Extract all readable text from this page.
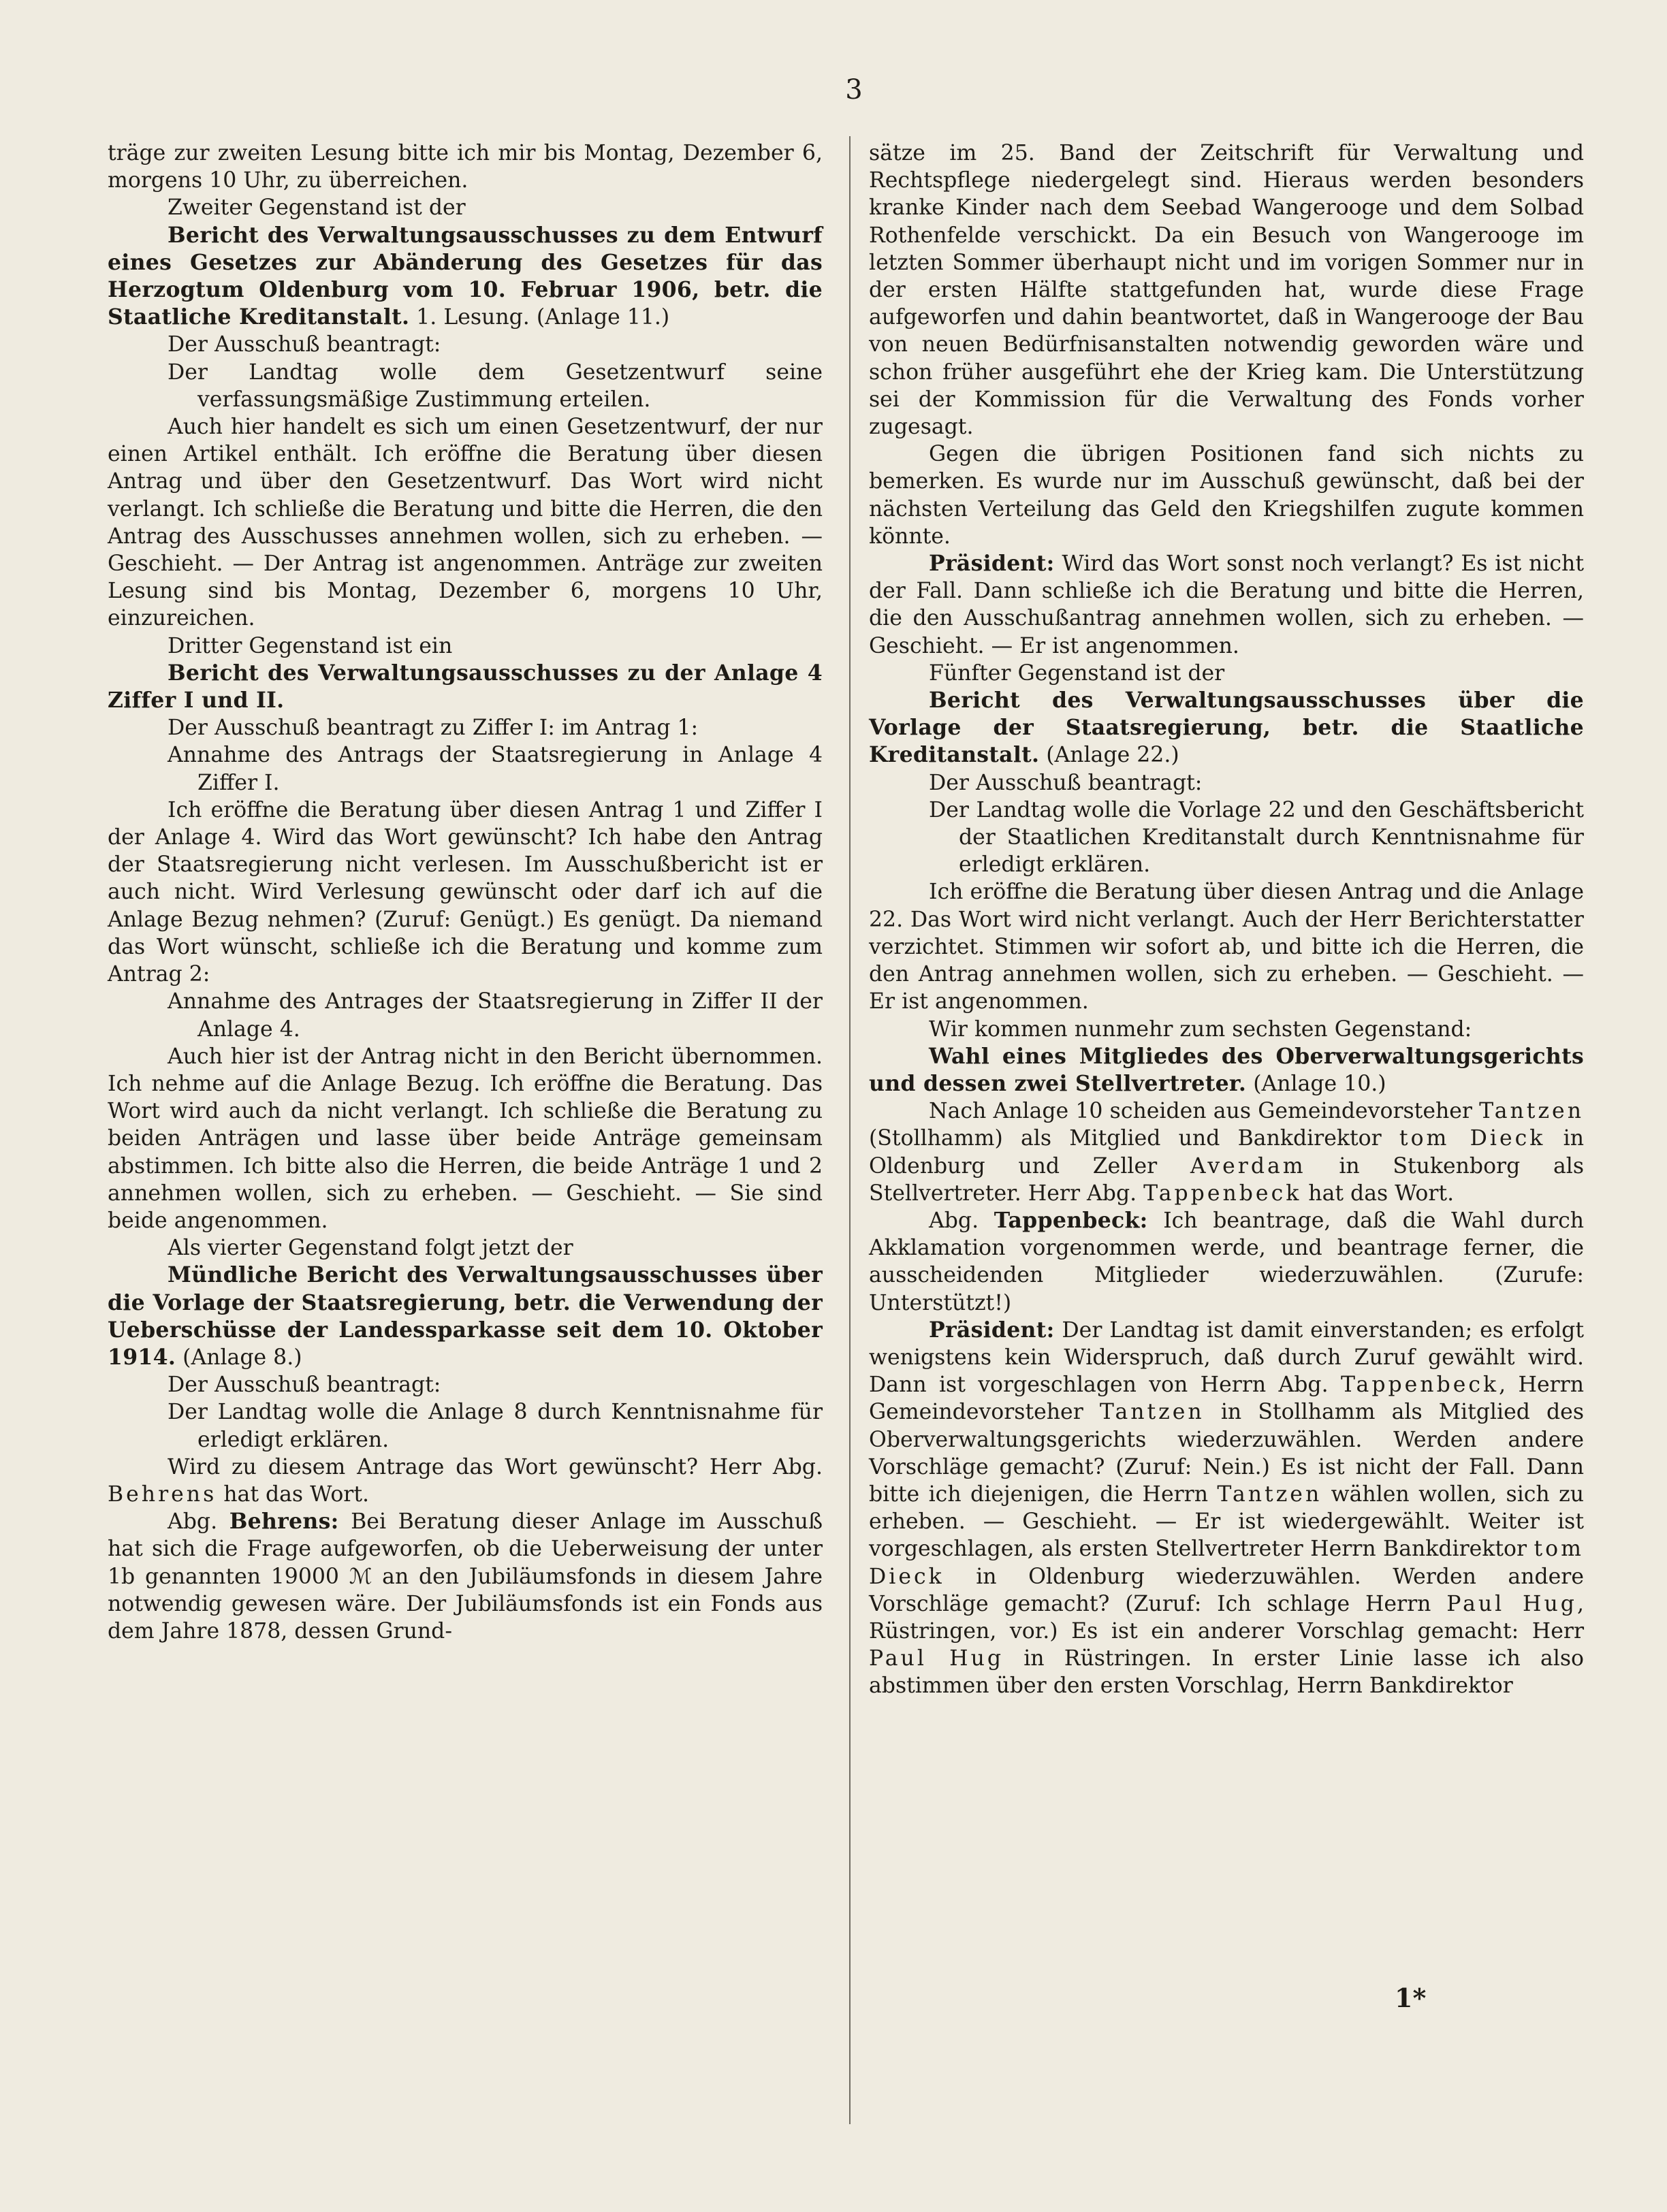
3

träge zur zweiten Lesung bitte ich mir bis Montag, Dezember 6, morgens 10 Uhr, zu überreichen.

Zweiter Gegenstand ist der

Bericht des Verwaltungsausschusses zu dem Entwurf eines Gesetzes zur Abänderung des Gesetzes für das Herzogtum Oldenburg vom 10. Februar 1906, betr. die Staatliche Kreditanstalt. 1. Lesung. (Anlage 11.)

Der Ausschuß beantragt:

Der Landtag wolle dem Gesetzentwurf seine verfassungsmäßige Zustimmung erteilen.

Auch hier handelt es sich um einen Gesetzentwurf, der nur einen Artikel enthält. Ich eröffne die Beratung über diesen Antrag und über den Gesetzentwurf. Das Wort wird nicht verlangt. Ich schließe die Beratung und bitte die Herren, die den Antrag des Ausschusses annehmen wollen, sich zu erheben. — Geschieht. — Der Antrag ist angenommen. Anträge zur zweiten Lesung sind bis Montag, Dezember 6, morgens 10 Uhr, einzureichen.

Dritter Gegenstand ist ein

Bericht des Verwaltungsausschusses zu der Anlage 4 Ziffer I und II.

Der Ausschuß beantragt zu Ziffer I: im Antrag 1:

Annahme des Antrags der Staatsregierung in Anlage 4 Ziffer I.

Ich eröffne die Beratung über diesen Antrag 1 und Ziffer I der Anlage 4. Wird das Wort gewünscht? Ich habe den Antrag der Staatsregierung nicht verlesen. Im Ausschußbericht ist er auch nicht. Wird Verlesung gewünscht oder darf ich auf die Anlage Bezug nehmen? (Zuruf: Genügt.) Es genügt. Da niemand das Wort wünscht, schließe ich die Beratung und komme zum Antrag 2:

Annahme des Antrages der Staatsregierung in Ziffer II der Anlage 4.

Auch hier ist der Antrag nicht in den Bericht übernommen. Ich nehme auf die Anlage Bezug. Ich eröffne die Beratung. Das Wort wird auch da nicht verlangt. Ich schließe die Beratung zu beiden Anträgen und lasse über beide Anträge gemeinsam abstimmen. Ich bitte also die Herren, die beide Anträge 1 und 2 annehmen wollen, sich zu erheben. — Geschieht. — Sie sind beide angenommen.

Als vierter Gegenstand folgt jetzt der

Mündliche Bericht des Verwaltungsausschusses über die Vorlage der Staatsregierung, betr. die Verwendung der Ueberschüsse der Landessparkasse seit dem 10. Oktober 1914. (Anlage 8.)

Der Ausschuß beantragt:

Der Landtag wolle die Anlage 8 durch Kenntnisnahme für erledigt erklären.

Wird zu diesem Antrage das Wort gewünscht? Herr Abg. Behrens hat das Wort.

Abg. Behrens: Bei Beratung dieser Anlage im Ausschuß hat sich die Frage aufgeworfen, ob die Ueberweisung der unter 1b genannten 19000 ℳ an den Jubiläumsfonds in diesem Jahre notwendig gewesen wäre. Der Jubiläumsfonds ist ein Fonds aus dem Jahre 1878, dessen Grund-

sätze im 25. Band der Zeitschrift für Verwaltung und Rechtspflege niedergelegt sind. Hieraus werden besonders kranke Kinder nach dem Seebad Wangerooge und dem Solbad Rothenfelde verschickt. Da ein Besuch von Wangerooge im letzten Sommer überhaupt nicht und im vorigen Sommer nur in der ersten Hälfte stattgefunden hat, wurde diese Frage aufgeworfen und dahin beantwortet, daß in Wangerooge der Bau von neuen Bedürfnisanstalten notwendig geworden wäre und schon früher ausgeführt ehe der Krieg kam. Die Unterstützung sei der Kommission für die Verwaltung des Fonds vorher zugesagt.

Gegen die übrigen Positionen fand sich nichts zu bemerken. Es wurde nur im Ausschuß gewünscht, daß bei der nächsten Verteilung das Geld den Kriegshilfen zugute kommen könnte.

Präsident: Wird das Wort sonst noch verlangt? Es ist nicht der Fall. Dann schließe ich die Beratung und bitte die Herren, die den Ausschußantrag annehmen wollen, sich zu erheben. — Geschieht. — Er ist angenommen.

Fünfter Gegenstand ist der

Bericht des Verwaltungsausschusses über die Vorlage der Staatsregierung, betr. die Staatliche Kreditanstalt. (Anlage 22.)

Der Ausschuß beantragt:

Der Landtag wolle die Vorlage 22 und den Geschäftsbericht der Staatlichen Kreditanstalt durch Kenntnisnahme für erledigt erklären.

Ich eröffne die Beratung über diesen Antrag und die Anlage 22. Das Wort wird nicht verlangt. Auch der Herr Berichterstatter verzichtet. Stimmen wir sofort ab, und bitte ich die Herren, die den Antrag annehmen wollen, sich zu erheben. — Geschieht. — Er ist angenommen.

Wir kommen nunmehr zum sechsten Gegenstand:

Wahl eines Mitgliedes des Oberverwaltungsgerichts und dessen zwei Stellvertreter. (Anlage 10.)

Nach Anlage 10 scheiden aus Gemeindevorsteher Tantzen (Stollhamm) als Mitglied und Bankdirektor tom Dieck in Oldenburg und Zeller Averdam in Stukenborg als Stellvertreter. Herr Abg. Tappenbeck hat das Wort.

Abg. Tappenbeck: Ich beantrage, daß die Wahl durch Akklamation vorgenommen werde, und beantrage ferner, die ausscheidenden Mitglieder wiederzuwählen. (Zurufe: Unterstützt!)

Präsident: Der Landtag ist damit einverstanden; es erfolgt wenigstens kein Widerspruch, daß durch Zuruf gewählt wird. Dann ist vorgeschlagen von Herrn Abg. Tappenbeck, Herrn Gemeindevorsteher Tantzen in Stollhamm als Mitglied des Oberverwaltungsgerichts wiederzuwählen. Werden andere Vorschläge gemacht? (Zuruf: Nein.) Es ist nicht der Fall. Dann bitte ich diejenigen, die Herrn Tantzen wählen wollen, sich zu erheben. — Geschieht. — Er ist wiedergewählt. Weiter ist vorgeschlagen, als ersten Stellvertreter Herrn Bankdirektor tom Dieck in Oldenburg wiederzuwählen. Werden andere Vorschläge gemacht? (Zuruf: Ich schlage Herrn Paul Hug, Rüstringen, vor.) Es ist ein anderer Vorschlag gemacht: Herr Paul Hug in Rüstringen. In erster Linie lasse ich also abstimmen über den ersten Vorschlag, Herrn Bankdirektor

1*
